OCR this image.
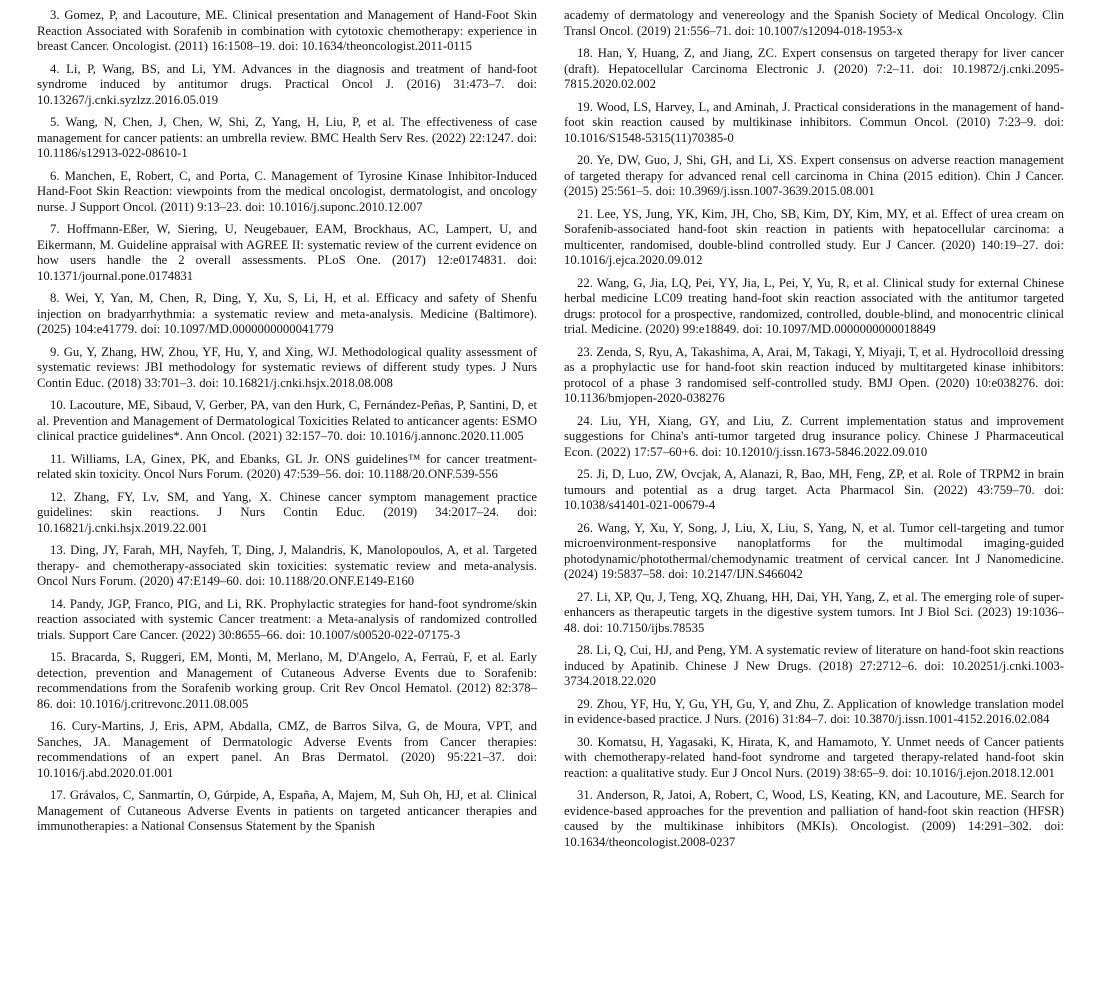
3. Gomez, P, and Lacouture, ME. Clinical presentation and Management of Hand-Foot Skin Reaction Associated with Sorafenib in combination with cytotoxic chemotherapy: experience in breast Cancer. Oncologist. (2011) 16:1508–19. doi: 10.1634/theoncologist.2011-0115

4. Li, P, Wang, BS, and Li, YM. Advances in the diagnosis and treatment of hand-foot syndrome induced by antitumor drugs. Practical Oncol J. (2016) 31:473–7. doi: 10.13267/j.cnki.syzlzz.2016.05.019

5. Wang, N, Chen, J, Chen, W, Shi, Z, Yang, H, Liu, P, et al. The effectiveness of case management for cancer patients: an umbrella review. BMC Health Serv Res. (2022) 22:1247. doi: 10.1186/s12913-022-08610-1

6. Manchen, E, Robert, C, and Porta, C. Management of Tyrosine Kinase Inhibitor-Induced Hand-Foot Skin Reaction: viewpoints from the medical oncologist, dermatologist, and oncology nurse. J Support Oncol. (2011) 9:13–23. doi: 10.1016/j.suponc.2010.12.007

7. Hoffmann-Eßer, W, Siering, U, Neugebauer, EAM, Brockhaus, AC, Lampert, U, and Eikermann, M. Guideline appraisal with AGREE II: systematic review of the current evidence on how users handle the 2 overall assessments. PLoS One. (2017) 12:e0174831. doi: 10.1371/journal.pone.0174831

8. Wei, Y, Yan, M, Chen, R, Ding, Y, Xu, S, Li, H, et al. Efficacy and safety of Shenfu injection on bradyarrhythmia: a systematic review and meta-analysis. Medicine (Baltimore). (2025) 104:e41779. doi: 10.1097/MD.0000000000041779

9. Gu, Y, Zhang, HW, Zhou, YF, Hu, Y, and Xing, WJ. Methodological quality assessment of systematic reviews: JBI methodology for systematic reviews of different study types. J Nurs Contin Educ. (2018) 33:701–3. doi: 10.16821/j.cnki.hsjx.2018.08.008

10. Lacouture, ME, Sibaud, V, Gerber, PA, van den Hurk, C, Fernández-Peñas, P, Santini, D, et al. Prevention and Management of Dermatological Toxicities Related to anticancer agents: ESMO clinical practice guidelines*. Ann Oncol. (2021) 32:157–70. doi: 10.1016/j.annonc.2020.11.005

11. Williams, LA, Ginex, PK, and Ebanks, GL Jr. ONS guidelines™ for cancer treatment-related skin toxicity. Oncol Nurs Forum. (2020) 47:539–56. doi: 10.1188/20.ONF.539-556

12. Zhang, FY, Lv, SM, and Yang, X. Chinese cancer symptom management practice guidelines: skin reactions. J Nurs Contin Educ. (2019) 34:2017–24. doi: 10.16821/j.cnki.hsjx.2019.22.001

13. Ding, JY, Farah, MH, Nayfeh, T, Ding, J, Malandris, K, Manolopoulos, A, et al. Targeted therapy- and chemotherapy-associated skin toxicities: systematic review and meta-analysis. Oncol Nurs Forum. (2020) 47:E149–60. doi: 10.1188/20.ONF.E149-E160

14. Pandy, JGP, Franco, PIG, and Li, RK. Prophylactic strategies for hand-foot syndrome/skin reaction associated with systemic Cancer treatment: a Meta-analysis of randomized controlled trials. Support Care Cancer. (2022) 30:8655–66. doi: 10.1007/s00520-022-07175-3

15. Bracarda, S, Ruggeri, EM, Monti, M, Merlano, M, D'Angelo, A, Ferraù, F, et al. Early detection, prevention and Management of Cutaneous Adverse Events due to Sorafenib: recommendations from the Sorafenib working group. Crit Rev Oncol Hematol. (2012) 82:378–86. doi: 10.1016/j.critrevonc.2011.08.005

16. Cury-Martins, J, Eris, APM, Abdalla, CMZ, de Barros Silva, G, de Moura, VPT, and Sanches, JA. Management of Dermatologic Adverse Events from Cancer therapies: recommendations of an expert panel. An Bras Dermatol. (2020) 95:221–37. doi: 10.1016/j.abd.2020.01.001

17. Grávalos, C, Sanmartín, O, Gúrpide, A, España, A, Majem, M, Suh Oh, HJ, et al. Clinical Management of Cutaneous Adverse Events in patients on targeted anticancer therapies and immunotherapies: a National Consensus Statement by the Spanish

academy of dermatology and venereology and the Spanish Society of Medical Oncology. Clin Transl Oncol. (2019) 21:556–71. doi: 10.1007/s12094-018-1953-x

18. Han, Y, Huang, Z, and Jiang, ZC. Expert consensus on targeted therapy for liver cancer (draft). Hepatocellular Carcinoma Electronic J. (2020) 7:2–11. doi: 10.19872/j.cnki.2095-7815.2020.02.002

19. Wood, LS, Harvey, L, and Aminah, J. Practical considerations in the management of hand-foot skin reaction caused by multikinase inhibitors. Commun Oncol. (2010) 7:23–9. doi: 10.1016/S1548-5315(11)70385-0

20. Ye, DW, Guo, J, Shi, GH, and Li, XS. Expert consensus on adverse reaction management of targeted therapy for advanced renal cell carcinoma in China (2015 edition). Chin J Cancer. (2015) 25:561–5. doi: 10.3969/j.issn.1007-3639.2015.08.001

21. Lee, YS, Jung, YK, Kim, JH, Cho, SB, Kim, DY, Kim, MY, et al. Effect of urea cream on Sorafenib-associated hand-foot skin reaction in patients with hepatocellular carcinoma: a multicenter, randomised, double-blind controlled study. Eur J Cancer. (2020) 140:19–27. doi: 10.1016/j.ejca.2020.09.012

22. Wang, G, Jia, LQ, Pei, YY, Jia, L, Pei, Y, Yu, R, et al. Clinical study for external Chinese herbal medicine LC09 treating hand-foot skin reaction associated with the antitumor targeted drugs: protocol for a prospective, randomized, controlled, double-blind, and monocentric clinical trial. Medicine. (2020) 99:e18849. doi: 10.1097/MD.0000000000018849

23. Zenda, S, Ryu, A, Takashima, A, Arai, M, Takagi, Y, Miyaji, T, et al. Hydrocolloid dressing as a prophylactic use for hand-foot skin reaction induced by multitargeted kinase inhibitors: protocol of a phase 3 randomised self-controlled study. BMJ Open. (2020) 10:e038276. doi: 10.1136/bmjopen-2020-038276

24. Liu, YH, Xiang, GY, and Liu, Z. Current implementation status and improvement suggestions for China's anti-tumor targeted drug insurance policy. Chinese J Pharmaceutical Econ. (2022) 17:57–60+6. doi: 10.12010/j.issn.1673-5846.2022.09.010

25. Ji, D, Luo, ZW, Ovcjak, A, Alanazi, R, Bao, MH, Feng, ZP, et al. Role of TRPM2 in brain tumours and potential as a drug target. Acta Pharmacol Sin. (2022) 43:759–70. doi: 10.1038/s41401-021-00679-4

26. Wang, Y, Xu, Y, Song, J, Liu, X, Liu, S, Yang, N, et al. Tumor cell-targeting and tumor microenvironment-responsive nanoplatforms for the multimodal imaging-guided photodynamic/photothermal/chemodynamic treatment of cervical cancer. Int J Nanomedicine. (2024) 19:5837–58. doi: 10.2147/IJN.S466042

27. Li, XP, Qu, J, Teng, XQ, Zhuang, HH, Dai, YH, Yang, Z, et al. The emerging role of super-enhancers as therapeutic targets in the digestive system tumors. Int J Biol Sci. (2023) 19:1036–48. doi: 10.7150/ijbs.78535

28. Li, Q, Cui, HJ, and Peng, YM. A systematic review of literature on hand-foot skin reactions induced by Apatinib. Chinese J New Drugs. (2018) 27:2712–6. doi: 10.20251/j.cnki.1003-3734.2018.22.020

29. Zhou, YF, Hu, Y, Gu, YH, Gu, Y, and Zhu, Z. Application of knowledge translation model in evidence-based practice. J Nurs. (2016) 31:84–7. doi: 10.3870/j.issn.1001-4152.2016.02.084

30. Komatsu, H, Yagasaki, K, Hirata, K, and Hamamoto, Y. Unmet needs of Cancer patients with chemotherapy-related hand-foot syndrome and targeted therapy-related hand-foot skin reaction: a qualitative study. Eur J Oncol Nurs. (2019) 38:65–9. doi: 10.1016/j.ejon.2018.12.001

31. Anderson, R, Jatoi, A, Robert, C, Wood, LS, Keating, KN, and Lacouture, ME. Search for evidence-based approaches for the prevention and palliation of hand-foot skin reaction (HFSR) caused by the multikinase inhibitors (MKIs). Oncologist. (2009) 14:291–302. doi: 10.1634/theoncologist.2008-0237
